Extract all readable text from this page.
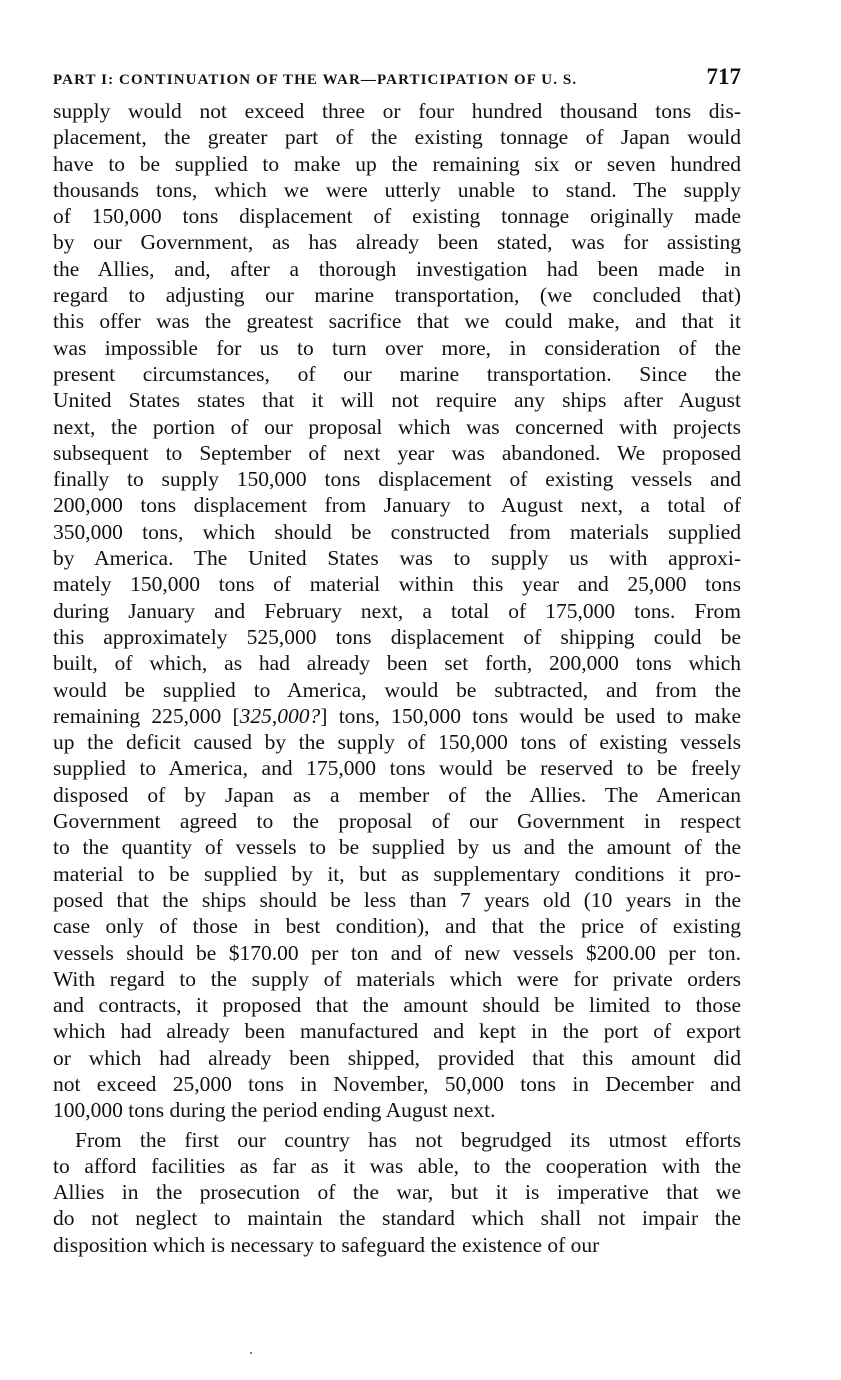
PART I: CONTINUATION OF THE WAR—PARTICIPATION OF U. S.	717
supply would not exceed three or four hundred thousand tons dis-
placement, the greater part of the existing tonnage of Japan would
have to be supplied to make up the remaining six or seven hundred
thousands tons, which we were utterly unable to stand. The supply
of 150,000 tons displacement of existing tonnage originally made
by our Government, as has already been stated, was for assisting
the Allies, and, after a thorough investigation had been made in
regard to adjusting our marine transportation, (we concluded that)
this offer was the greatest sacrifice that we could make, and that it
was impossible for us to turn over more, in consideration of the
present circumstances, of our marine transportation. Since the
United States states that it will not require any ships after August
next, the portion of our proposal which was concerned with projects
subsequent to September of next year was abandoned. We proposed
finally to supply 150,000 tons displacement of existing vessels and
200,000 tons displacement from January to August next, a total of
350,000 tons, which should be constructed from materials supplied
by America. The United States was to supply us with approxi-
mately 150,000 tons of material within this year and 25,000 tons
during January and February next, a total of 175,000 tons. From
this approximately 525,000 tons displacement of shipping could be
built, of which, as had already been set forth, 200,000 tons which
would be supplied to America, would be subtracted, and from the
remaining 225,000 [325,000?] tons, 150,000 tons would be used to make
up the deficit caused by the supply of 150,000 tons of existing vessels
supplied to America, and 175,000 tons would be reserved to be freely
disposed of by Japan as a member of the Allies. The American
Government agreed to the proposal of our Government in respect
to the quantity of vessels to be supplied by us and the amount of the
material to be supplied by it, but as supplementary conditions it pro-
posed that the ships should be less than 7 years old (10 years in the
case only of those in best condition), and that the price of existing
vessels should be $170.00 per ton and of new vessels $200.00 per ton.
With regard to the supply of materials which were for private orders
and contracts, it proposed that the amount should be limited to those
which had already been manufactured and kept in the port of export
or which had already been shipped, provided that this amount did
not exceed 25,000 tons in November, 50,000 tons in December and
100,000 tons during the period ending August next.
From the first our country has not begrudged its utmost efforts
to afford facilities as far as it was able, to the cooperation with the
Allies in the prosecution of the war, but it is imperative that we
do not neglect to maintain the standard which shall not impair the
disposition which is necessary to safeguard the existence of our
